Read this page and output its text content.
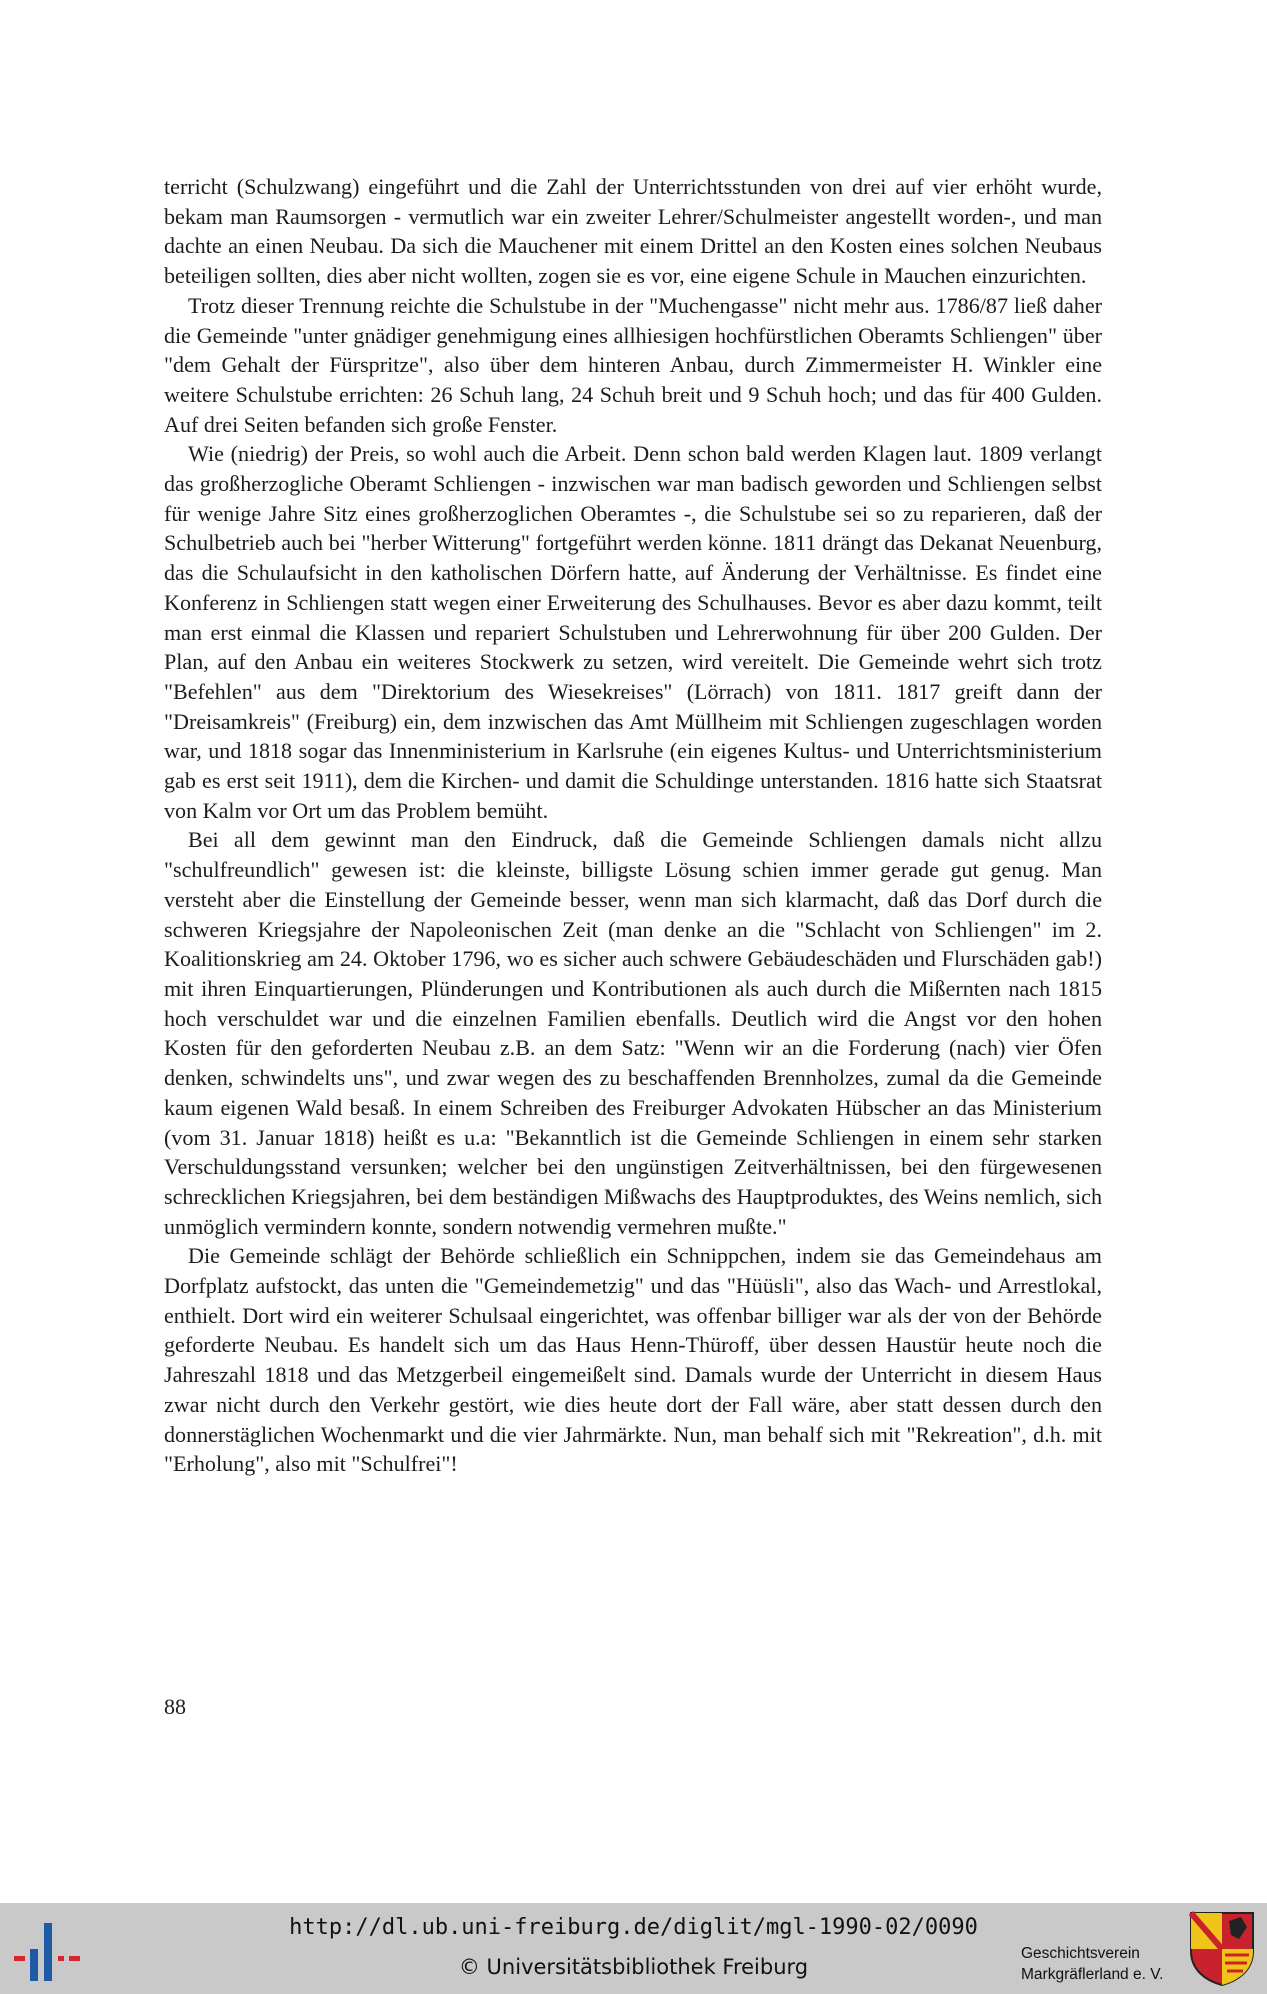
terricht (Schulzwang) eingeführt und die Zahl der Unterrichtsstunden von drei auf vier erhöht wurde, bekam man Raumsorgen - vermutlich war ein zweiter Lehrer/Schulmeister angestellt worden-, und man dachte an einen Neubau. Da sich die Mauchener mit einem Drittel an den Kosten eines solchen Neubaus beteiligen sollten, dies aber nicht wollten, zogen sie es vor, eine eigene Schule in Mauchen einzurichten.

Trotz dieser Trennung reichte die Schulstube in der "Muchengasse" nicht mehr aus. 1786/87 ließ daher die Gemeinde "unter gnädiger genehmigung eines allhiesigen hochfürstlichen Oberamts Schliengen" über "dem Gehalt der Fürspritze", also über dem hinteren Anbau, durch Zimmermeister H. Winkler eine weitere Schulstube errichten: 26 Schuh lang, 24 Schuh breit und 9 Schuh hoch; und das für 400 Gulden. Auf drei Seiten befanden sich große Fenster.

Wie (niedrig) der Preis, so wohl auch die Arbeit. Denn schon bald werden Klagen laut. 1809 verlangt das großherzogliche Oberamt Schliengen - inzwischen war man badisch geworden und Schliengen selbst für wenige Jahre Sitz eines großherzoglichen Oberamtes -, die Schulstube sei so zu reparieren, daß der Schulbetrieb auch bei "herber Witterung" fortgeführt werden könne. 1811 drängt das Dekanat Neuenburg, das die Schulaufsicht in den katholischen Dörfern hatte, auf Änderung der Verhältnisse. Es findet eine Konferenz in Schliengen statt wegen einer Erweiterung des Schulhauses. Bevor es aber dazu kommt, teilt man erst einmal die Klassen und repariert Schulstuben und Lehrerwohnung für über 200 Gulden. Der Plan, auf den Anbau ein weiteres Stockwerk zu setzen, wird vereitelt. Die Gemeinde wehrt sich trotz "Befehlen" aus dem "Direktorium des Wiesekreises" (Lörrach) von 1811. 1817 greift dann der "Dreisamkreis" (Freiburg) ein, dem inzwischen das Amt Müllheim mit Schliengen zugeschlagen worden war, und 1818 sogar das Innenministerium in Karlsruhe (ein eigenes Kultus- und Unterrichtsministerium gab es erst seit 1911), dem die Kirchen- und damit die Schuldinge unterstanden. 1816 hatte sich Staatsrat von Kalm vor Ort um das Problem bemüht.

Bei all dem gewinnt man den Eindruck, daß die Gemeinde Schliengen damals nicht allzu "schulfreundlich" gewesen ist: die kleinste, billigste Lösung schien immer gerade gut genug. Man versteht aber die Einstellung der Gemeinde besser, wenn man sich klarmacht, daß das Dorf durch die schweren Kriegsjahre der Napoleonischen Zeit (man denke an die "Schlacht von Schliengen" im 2. Koalitionskrieg am 24. Oktober 1796, wo es sicher auch schwere Gebäudeschäden und Flurschäden gab!) mit ihren Einquartierungen, Plünderungen und Kontributionen als auch durch die Mißernten nach 1815 hoch verschuldet war und die einzelnen Familien ebenfalls. Deutlich wird die Angst vor den hohen Kosten für den geforderten Neubau z.B. an dem Satz: "Wenn wir an die Forderung (nach) vier Öfen denken, schwindelts uns", und zwar wegen des zu beschaffenden Brennholzes, zumal da die Gemeinde kaum eigenen Wald besaß. In einem Schreiben des Freiburger Advokaten Hübscher an das Ministerium (vom 31. Januar 1818) heißt es u.a: "Bekanntlich ist die Gemeinde Schliengen in einem sehr starken Verschuldungsstand versunken; welcher bei den ungünstigen Zeitverhältnissen, bei den fürgewesenen schrecklichen Kriegsjahren, bei dem beständigen Mißwachs des Hauptproduktes, des Weins nemlich, sich unmöglich vermindern konnte, sondern notwendig vermehren mußte."

Die Gemeinde schlägt der Behörde schließlich ein Schnippchen, indem sie das Gemeindehaus am Dorfplatz aufstockt, das unten die "Gemeindemetzig" und das "Hüüsli", also das Wach- und Arrestlokal, enthielt. Dort wird ein weiterer Schulsaal eingerichtet, was offenbar billiger war als der von der Behörde geforderte Neubau. Es handelt sich um das Haus Henn-Thüroff, über dessen Haustür heute noch die Jahreszahl 1818 und das Metzgerbeil eingemeißelt sind. Damals wurde der Unterricht in diesem Haus zwar nicht durch den Verkehr gestört, wie dies heute dort der Fall wäre, aber statt dessen durch den donnerstäglichen Wochenmarkt und die vier Jahrmärkte. Nun, man behalf sich mit "Rekreation", d.h. mit "Erholung", also mit "Schulfrei"!

88
http://dl.ub.uni-freiburg.de/diglit/mgl-1990-02/0090
© Universitätsbibliothek Freiburg
Geschichtsverein
Markgräflerland e. V.
